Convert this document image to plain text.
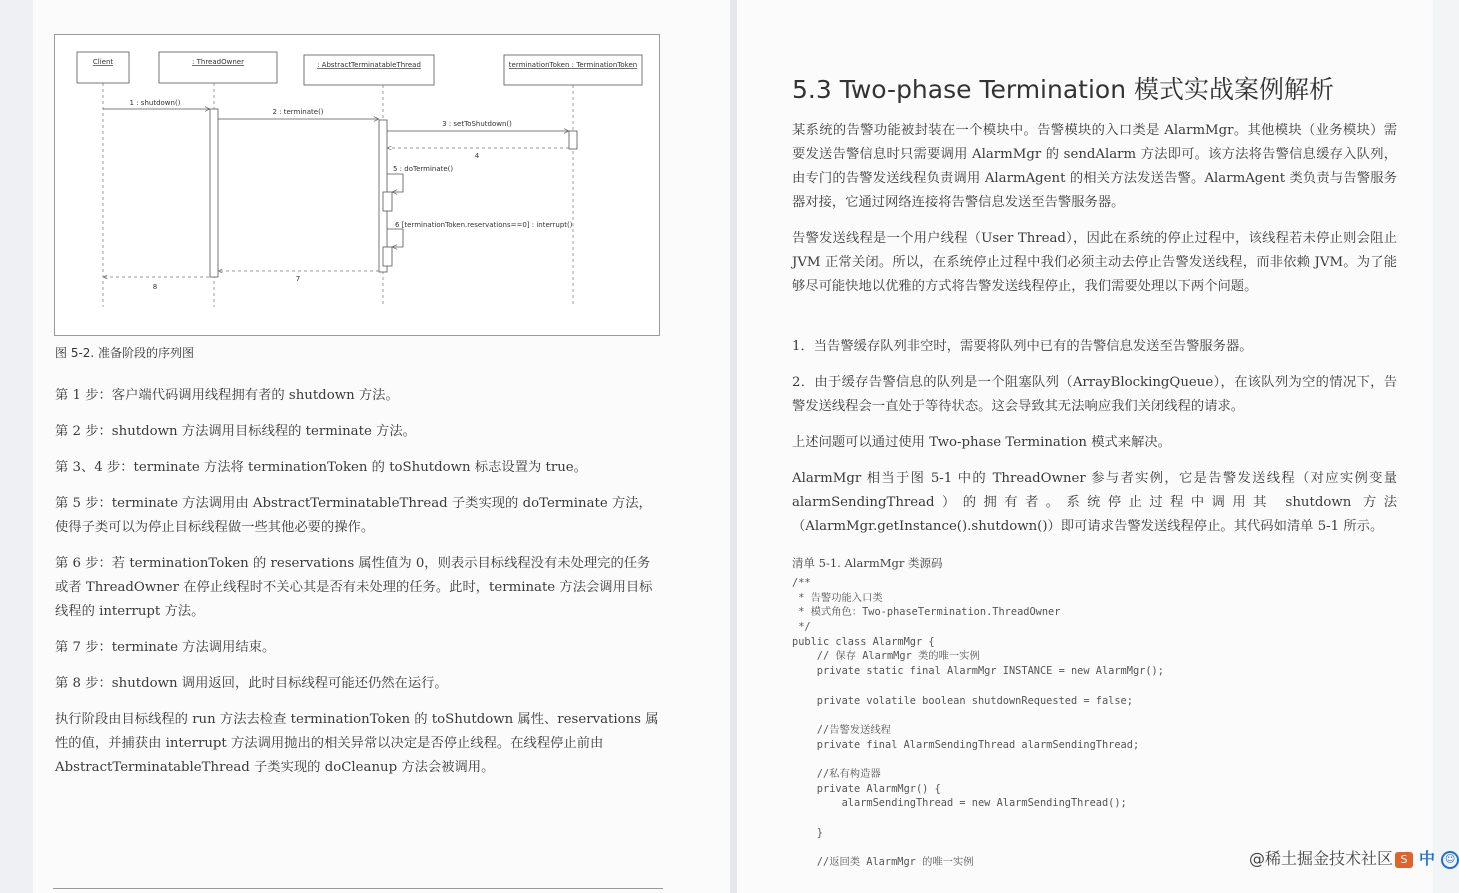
Client	: ThreadOwner	: AbstractTerminatableThread	terminationToken : TerminationToken
1 : shutdown()
2 : terminate()
3 : setToShutdown()
4
5 : doTerminate()
6 [terminationToken.reservations==0] : interrupt()
7
8
图 5-2. 准备阶段的序列图

第 1 步：客户端代码调用线程拥有者的 shutdown 方法。

第 2 步：shutdown 方法调用目标线程的 terminate 方法。

第 3、4 步：terminate 方法将 terminationToken 的 toShutdown 标志设置为 true。

第 5 步：terminate 方法调用由 AbstractTerminatableThread 子类实现的 doTerminate 方法，使得子类可以为停止目标线程做一些其他必要的操作。

第 6 步：若 terminationToken 的 reservations 属性值为 0，则表示目标线程没有未处理完的任务或者 ThreadOwner 在停止线程时不关心其是否有未处理的任务。此时，terminate 方法会调用目标线程的 interrupt 方法。

第 7 步：terminate 方法调用结束。

第 8 步：shutdown 调用返回，此时目标线程可能还仍然在运行。

执行阶段由目标线程的 run 方法去检查 terminationToken 的 toShutdown 属性、reservations 属性的值，并捕获由 interrupt 方法调用抛出的相关异常以决定是否停止线程。在线程停止前由 AbstractTerminatableThread 子类实现的 doCleanup 方法会被调用。

5.3 Two-phase Termination 模式实战案例解析

某系统的告警功能被封装在一个模块中。告警模块的入口类是 AlarmMgr。其他模块（业务模块）需要发送告警信息时只需要调用 AlarmMgr 的 sendAlarm 方法即可。该方法将告警信息缓存入队列，由专门的告警发送线程负责调用 AlarmAgent 的相关方法发送告警。AlarmAgent 类负责与告警服务器对接，它通过网络连接将告警信息发送至告警服务器。

告警发送线程是一个用户线程（User Thread），因此在系统的停止过程中，该线程若未停止则会阻止 JVM 正常关闭。所以，在系统停止过程中我们必须主动去停止告警发送线程，而非依赖 JVM。为了能够尽可能快地以优雅的方式将告警发送线程停止，我们需要处理以下两个问题。

1．当告警缓存队列非空时，需要将队列中已有的告警信息发送至告警服务器。

2．由于缓存告警信息的队列是一个阻塞队列（ArrayBlockingQueue），在该队列为空的情况下，告警发送线程会一直处于等待状态。这会导致其无法响应我们关闭线程的请求。

上述问题可以通过使用 Two-phase Termination 模式来解决。

AlarmMgr 相当于图 5-1 中的 ThreadOwner 参与者实例，它是告警发送线程（对应实例变量 alarmSendingThread）的拥有者。系统停止过程中调用其 shutdown 方法（AlarmMgr.getInstance().shutdown()）即可请求告警发送线程停止。其代码如清单 5-1 所示。

清单 5-1. AlarmMgr 类源码
/**
* 告警功能入口类
* 模式角色：Two-phaseTermination.ThreadOwner
*/
public class AlarmMgr {
// 保存 AlarmMgr 类的唯一实例
private static final AlarmMgr INSTANCE = new AlarmMgr();
private volatile boolean shutdownRequested = false;
//告警发送线程
private final AlarmSendingThread alarmSendingThread;
//私有构造器
private AlarmMgr() {
alarmSendingThread = new AlarmSendingThread();
}
//返回类 AlarmMgr 的唯一实例	@稀土掘金技术社区 S 中 ☺
